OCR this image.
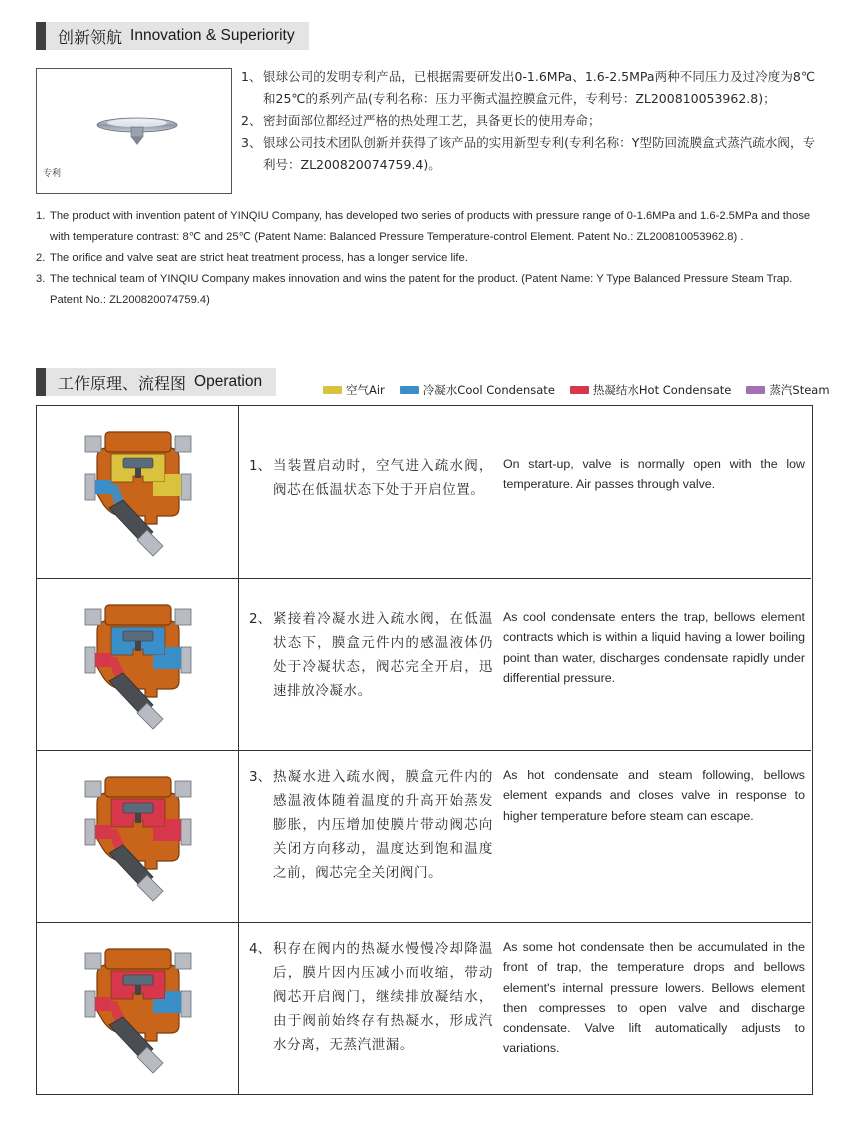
创新领航 Innovation & Superiority
专利
1、 银球公司的发明专利产品，已根据需要研发出0-1.6MPa、1.6-2.5MPa两种不同压力及过冷度为8℃和25℃的系列产品(专利名称：压力平衡式温控膜盒元件，专利号：ZL200810053962.8)；
2、 密封面部位都经过严格的热处理工艺，具备更长的使用寿命；
3、 银球公司技术团队创新并获得了该产品的实用新型专利(专利名称：Y型防回流膜盒式蒸汽疏水阀，专利号：ZL200820074759.4)。
1. The product with invention patent of YINQIU Company, has developed two series of products with pressure range of 0-1.6MPa and 1.6-2.5MPa and those with temperature contrast: 8℃ and 25℃ (Patent Name: Balanced Pressure Temperature-control Element. Patent No.: ZL200810053962.8) .
2. The orifice and valve seat are strict heat treatment process, has a longer service life.
3. The technical team of YINQIU Company makes innovation and wins the patent for the product. (Patent Name: Y Type Balanced Pressure Steam Trap. Patent No.: ZL200820074759.4)
工作原理、流程图 Operation	空气Air	冷凝水Cool Condensate	热凝结水Hot Condensate	蒸汽Steam
1、 当装置启动时，空气进入疏水阀，阀芯在低温状态下处于开启位置。
On start-up, valve is normally open with the low temperature. Air passes through valve.
2、 紧接着冷凝水进入疏水阀，在低温状态下，膜盒元件内的感温液体仍处于冷凝状态，阀芯完全开启，迅速排放冷凝水。
As cool condensate enters the trap, bellows element contracts which is within a liquid having a lower boiling point than water, discharges condensate rapidly under differential pressure.
3、 热凝水进入疏水阀，膜盒元件内的感温液体随着温度的升高开始蒸发膨胀，内压增加使膜片带动阀芯向关闭方向移动，温度达到饱和温度之前，阀芯完全关闭阀门。
As hot condensate and steam following, bellows element expands and closes valve in response to higher temperature before steam can escape.
4、 积存在阀内的热凝水慢慢冷却降温后，膜片因内压减小而收缩，带动阀芯开启阀门，继续排放凝结水，由于阀前始终存有热凝水，形成汽水分离，无蒸汽泄漏。
As some hot condensate then be accumulated in the front of trap, the temperature drops and bellows element's internal pressure lowers. Bellows element then compresses to open valve and discharge condensate. Valve lift automatically adjusts to variations.
